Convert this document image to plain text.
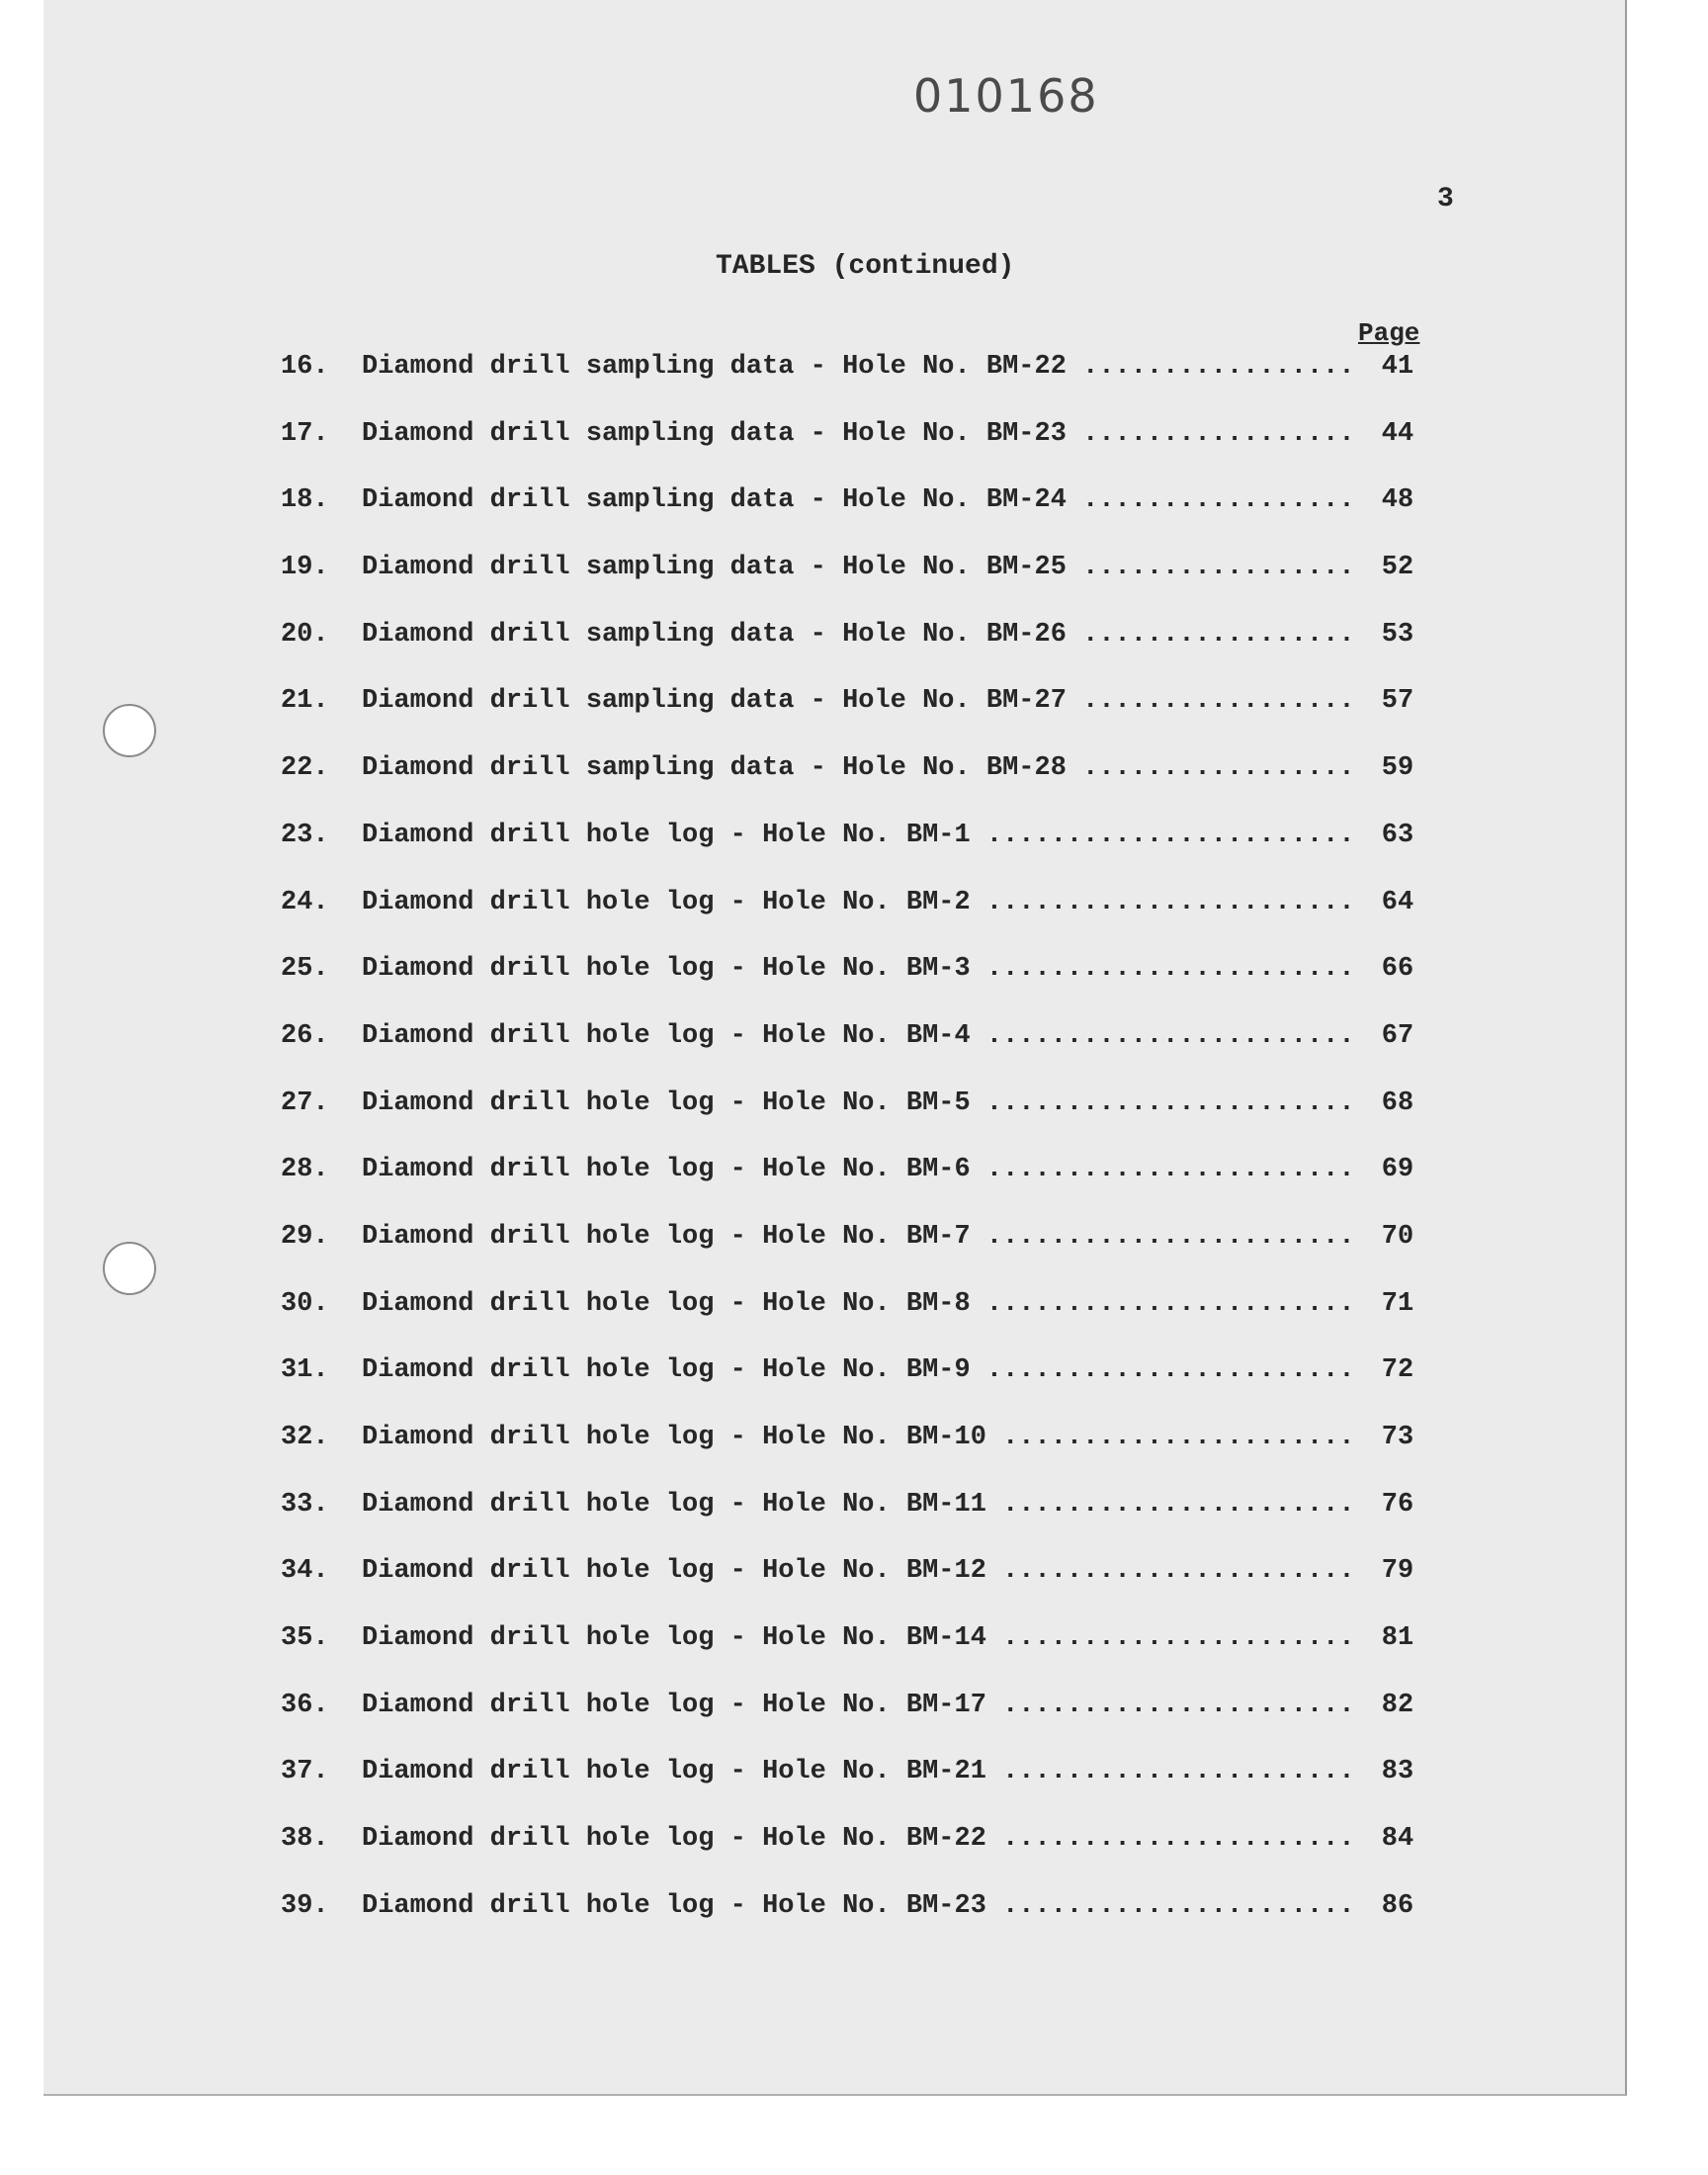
010168
3
TABLES (continued)
Page
16. Diamond drill sampling data - Hole No. BM-22 .....	41
17. Diamond drill sampling data - Hole No. BM-23 .....	44
18. Diamond drill sampling data - Hole No. BM-24 .....	48
19. Diamond drill sampling data - Hole No. BM-25 .....	52
20. Diamond drill sampling data - Hole No. BM-26 .....	53
21. Diamond drill sampling data - Hole No. BM-27 .....	57
22. Diamond drill sampling data - Hole No. BM-28 .....	59
23. Diamond drill hole log - Hole No. BM-1 .....	63
24. Diamond drill hole log - Hole No. BM-2 .....	64
25. Diamond drill hole log - Hole No. BM-3 .....	66
26. Diamond drill hole log - Hole No. BM-4 .....	67
27. Diamond drill hole log - Hole No. BM-5 .....	68
28. Diamond drill hole log - Hole No. BM-6 .....	69
29. Diamond drill hole log - Hole No. BM-7 .....	70
30. Diamond drill hole log - Hole No. BM-8 .....	71
31. Diamond drill hole log - Hole No. BM-9 .....	72
32. Diamond drill hole log - Hole No. BM-10 .....	73
33. Diamond drill hole log - Hole No. BM-11 .....	76
34. Diamond drill hole log - Hole No. BM-12 .....	79
35. Diamond drill hole log - Hole No. BM-14 .....	81
36. Diamond drill hole log - Hole No. BM-17 .....	82
37. Diamond drill hole log - Hole No. BM-21 .....	83
38. Diamond drill hole log - Hole No. BM-22 .....	84
39. Diamond drill hole log - Hole No. BM-23 .....	86
